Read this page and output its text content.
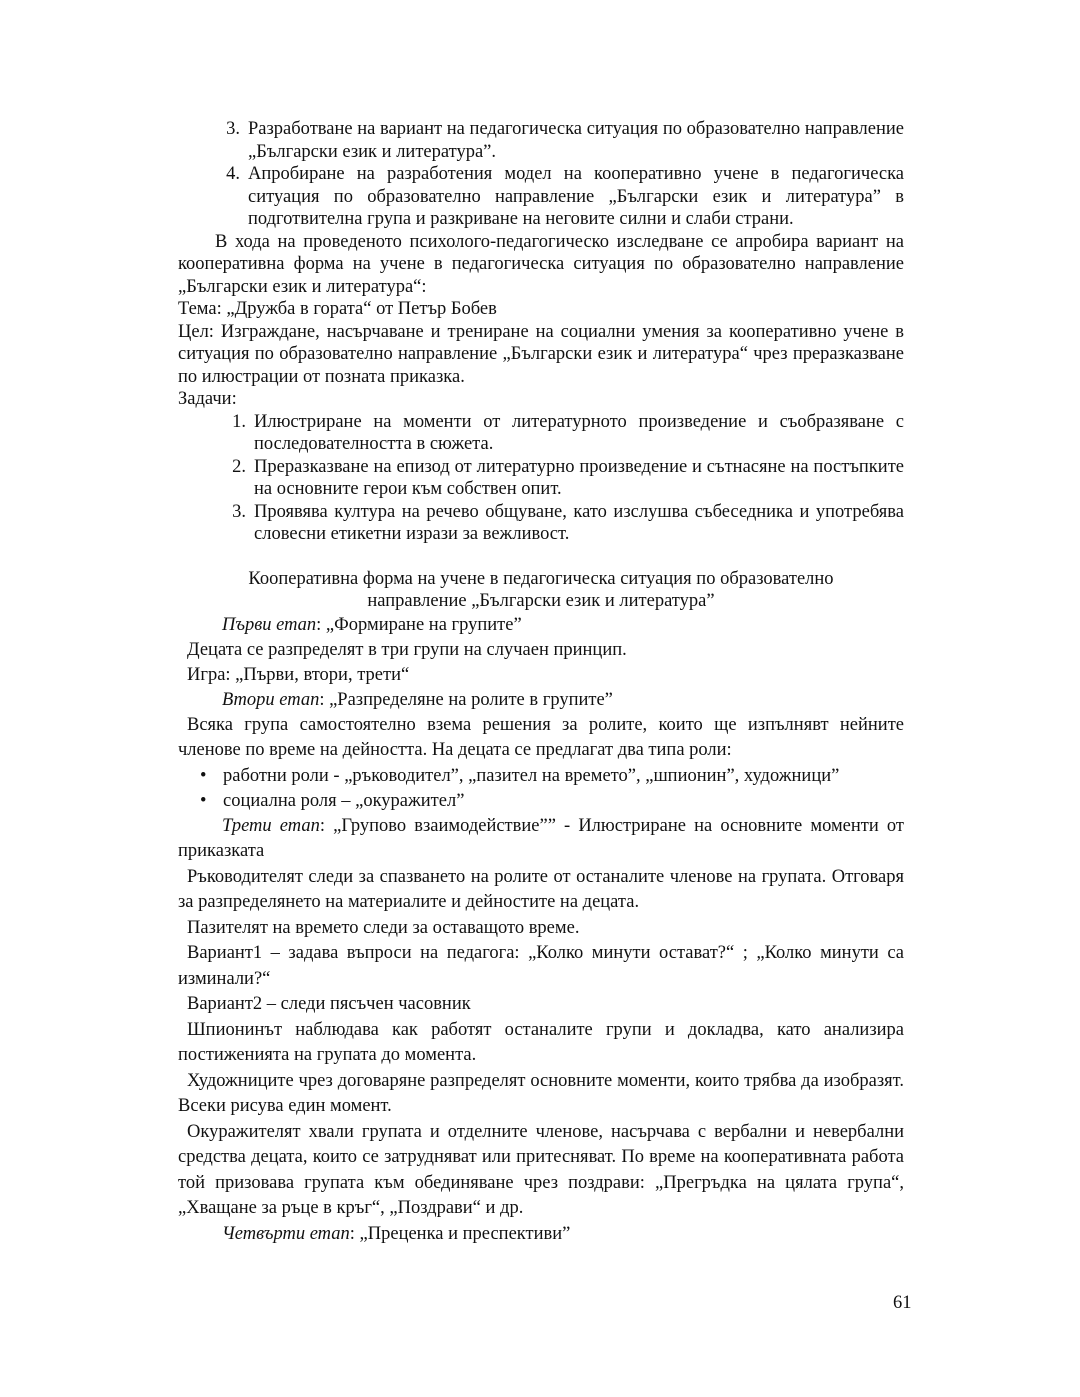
3. Разработване на вариант на педагогическа ситуация по образователно направление „Български език и литература”.
4. Апробиране на разработения модел на кооперативно учене в педагогическа ситуация по образователно направление „Български език и литература” в подготвителна група и разкриване на неговите силни и слаби страни.

В хода на проведеното психолого-педагогическо изследване се апробира вариант на кооперативна форма на учене в педагогическа ситуация по образователно направление „Български език и литература“:

Тема: „Дружба в гората“ от Петър Бобев

Цел: Изграждане, насърчаване и трениране на социални умения за кооперативно учене в ситуация по образователно направление „Български език и литература“ чрез преразказване по илюстрации от позната приказка.

Задачи:

1. Илюстриране на моменти от литературното произведение и съобразяване с последователността в сюжета.
2. Преразказване на епизод от литературно произведение и сътнасяне на постъпките на основните герои към собствен опит.
3. Проявява култура на речево общуване, като изслушва събеседника и употребява словесни етикетни изрази за вежливост.

Кооперативна форма на учене в педагогическа ситуация по образователно
направление „Български език и литература”

Първи етап: „Формиране на групите”

Децата се разпределят в три групи на случаен принцип.

Игра: „Първи, втори, трети“

Втори етап: „Разпределяне на ролите в групите”

Всяка група самостоятелно взема решения за ролите, които ще изпълнявт нейните членове по време на дейността. На децата се предлагат два типа роли:

• работни роли - „ръководител”, „пазител на времето”, „шпионин”, художници”
• социална роля – „окуражител”

Трети етап: „Групово взаимодействие”” - Илюстриране на основните моменти от приказката

Ръководителят следи за спазването на ролите от останалите членове на групата. Отговаря за разпределянето на материалите и дейностите на децата.

Пазителят на времето следи за оставащото време.

Вариант1 – задава въпроси на педагога: „Колко минути остават?“ ; „Колко минути са изминали?“

Вариант2 – следи пясъчен часовник

Шпионинът наблюдава как работят останалите групи и докладва, като анализира постиженията на групата до момента.

Художниците чрез договаряне разпределят основните моменти, които трябва да изобразят. Всеки рисува един момент.

Окуражителят хвали групата и отделните членове, насърчава с вербални и невербални средства децата, които се затрудняват или притесняват. По време на кооперативната работа той призовава групата към обединяване чрез поздрави: „Прегръдка на цялата група“, „Хващане за ръце в кръг“, „Поздрави“ и др.

Четвърти етап: „Преценка и преспективи”

61
